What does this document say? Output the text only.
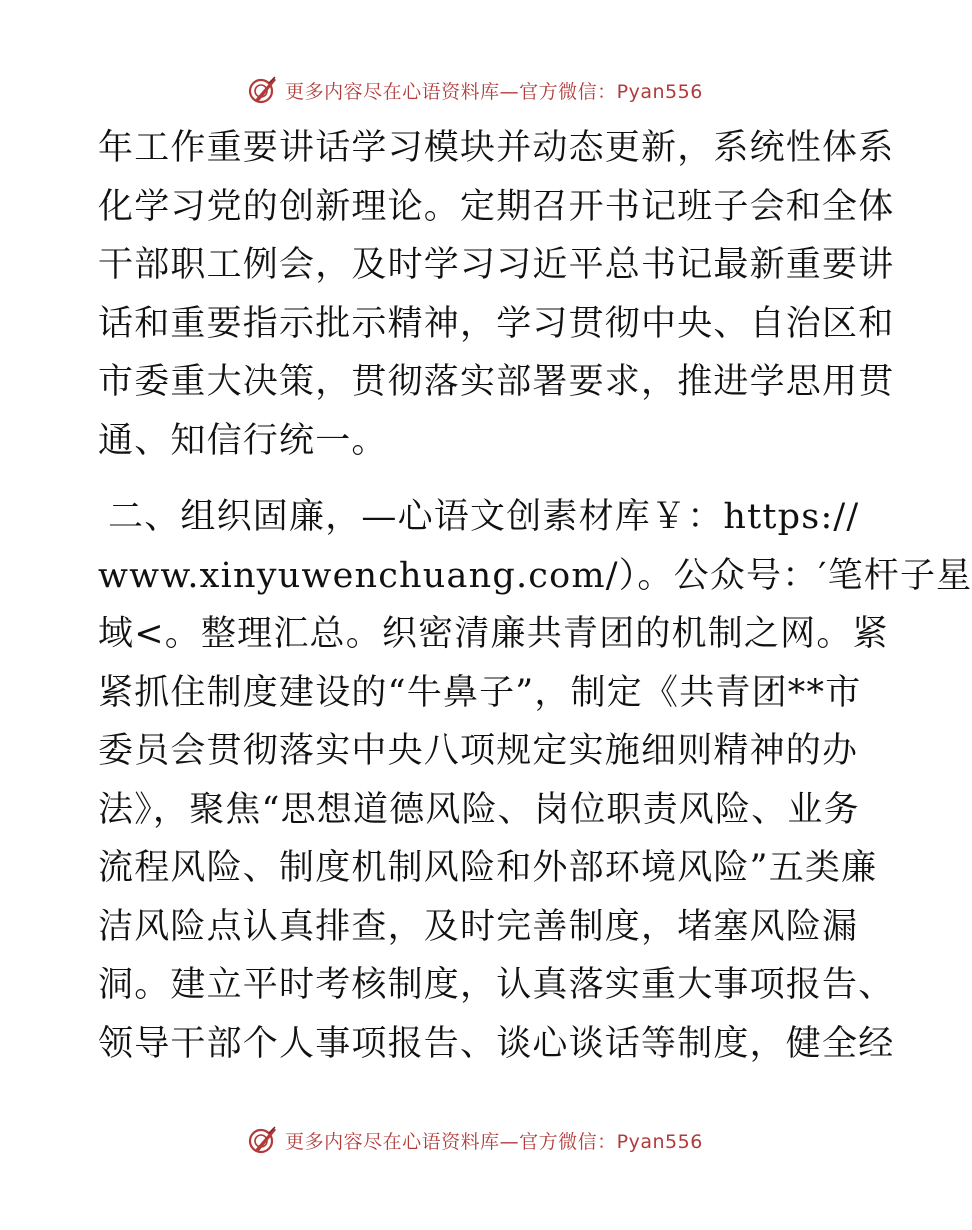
更多内容尽在心语资料库—官方微信：Pyan556
年工作重要讲话学习模块并动态更新，系统性体系
化学习党的创新理论。定期召开书记班子会和全体
干部职工例会，及时学习习近平总书记最新重要讲
话和重要指示批示精神，学习贯彻中央、自治区和
市委重大决策，贯彻落实部署要求，推进学思用贯
通、知信行统一。
二、组织固廉，—心语文创素材库￥：https://
www.xinyuwenchuang.com/）。公众号：′笔杆子星
域<。整理汇总。织密清廉共青团的机制之网。紧
紧抓住制度建设的“牛鼻子”，制定《共青团**市
委员会贯彻落实中央八项规定实施细则精神的办
法》，聚焦“思想道德风险、岗位职责风险、业务
流程风险、制度机制风险和外部环境风险”五类廉
洁风险点认真排查，及时完善制度，堵塞风险漏
洞。建立平时考核制度，认真落实重大事项报告、
领导干部个人事项报告、谈心谈话等制度，健全经
更多内容尽在心语资料库—官方微信：Pyan556
